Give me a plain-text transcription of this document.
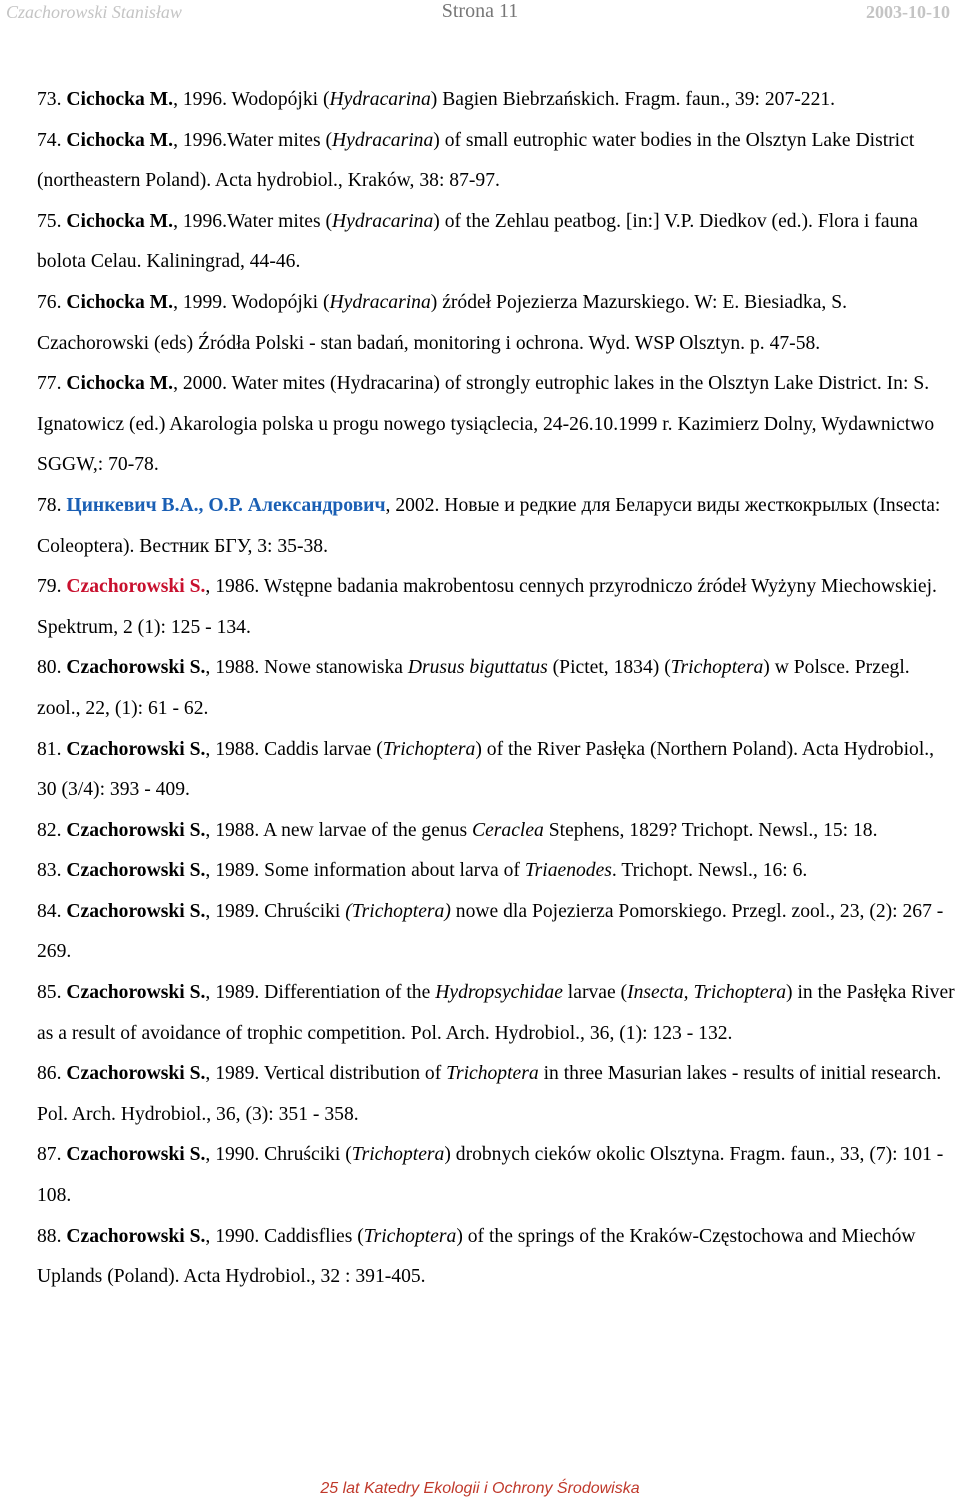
Czachorowski Stanisław	Strona 11	2003-10-10
73. Cichocka M., 1996. Wodopójki (Hydracarina) Bagien Biebrzańskich. Fragm. faun., 39: 207-221.
74. Cichocka M., 1996.Water mites (Hydracarina) of small eutrophic water bodies in the Olsztyn Lake District (northeastern Poland). Acta hydrobiol., Kraków, 38: 87-97.
75. Cichocka M., 1996.Water mites (Hydracarina) of the Zehlau peatbog. [in:] V.P. Diedkov (ed.). Flora i fauna bolota Celau. Kaliningrad, 44-46.
76. Cichocka M., 1999. Wodopójki (Hydracarina) źródeł Pojezierza Mazurskiego. W: E. Biesiadka, S. Czachorowski (eds) Źródła Polski - stan badań, monitoring i ochrona. Wyd. WSP Olsztyn. p. 47-58.
77. Cichocka M., 2000. Water mites (Hydracarina) of strongly eutrophic lakes in the Olsztyn Lake District. In: S. Ignatowicz (ed.) Akarologia polska u progu nowego tysiąclecia, 24-26.10.1999 r. Kazimierz Dolny, Wydawnictwo SGGW,: 70-78.
78. Цинкевич В.А., О.Р. Александрович, 2002. Новые и редкие для Беларуси виды жесткокрылых (Insecta: Coleoptera). Вестник БГУ, 3: 35-38.
79. Czachorowski S., 1986. Wstępne badania makrobentosu cennych przyrodniczo źródeł Wyżyny Miechowskiej. Spektrum, 2 (1): 125 - 134.
80. Czachorowski S., 1988. Nowe stanowiska Drusus biguttatus (Pictet, 1834) (Trichoptera) w Polsce. Przegl. zool., 22, (1): 61 - 62.
81. Czachorowski S., 1988. Caddis larvae (Trichoptera) of the River Pasłęka (Northern Poland). Acta Hydrobiol., 30 (3/4): 393 - 409.
82. Czachorowski S., 1988. A new larvae of the genus Ceraclea Stephens, 1829? Trichopt. Newsl., 15: 18.
83. Czachorowski S., 1989. Some information about larva of Triaenodes. Trichopt. Newsl., 16: 6.
84. Czachorowski S., 1989. Chruściki (Trichoptera) nowe dla Pojezierza Pomorskiego. Przegl. zool., 23, (2): 267 - 269.
85. Czachorowski S., 1989. Differentiation of the Hydropsychidae larvae (Insecta, Trichoptera) in the Pasłęka River as a result of avoidance of trophic competition. Pol. Arch. Hydrobiol., 36, (1): 123 - 132.
86. Czachorowski S., 1989. Vertical distribution of Trichoptera in three Masurian lakes - results of initial research. Pol. Arch. Hydrobiol., 36, (3): 351 - 358.
87. Czachorowski S., 1990. Chruściki (Trichoptera) drobnych cieków okolic Olsztyna. Fragm. faun., 33, (7): 101 - 108.
88. Czachorowski S., 1990. Caddisflies (Trichoptera) of the springs of the Kraków-Częstochowa and Miechów Uplands (Poland). Acta Hydrobiol., 32 : 391-405.
25 lat Katedry Ekologii i Ochrony Środowiska
